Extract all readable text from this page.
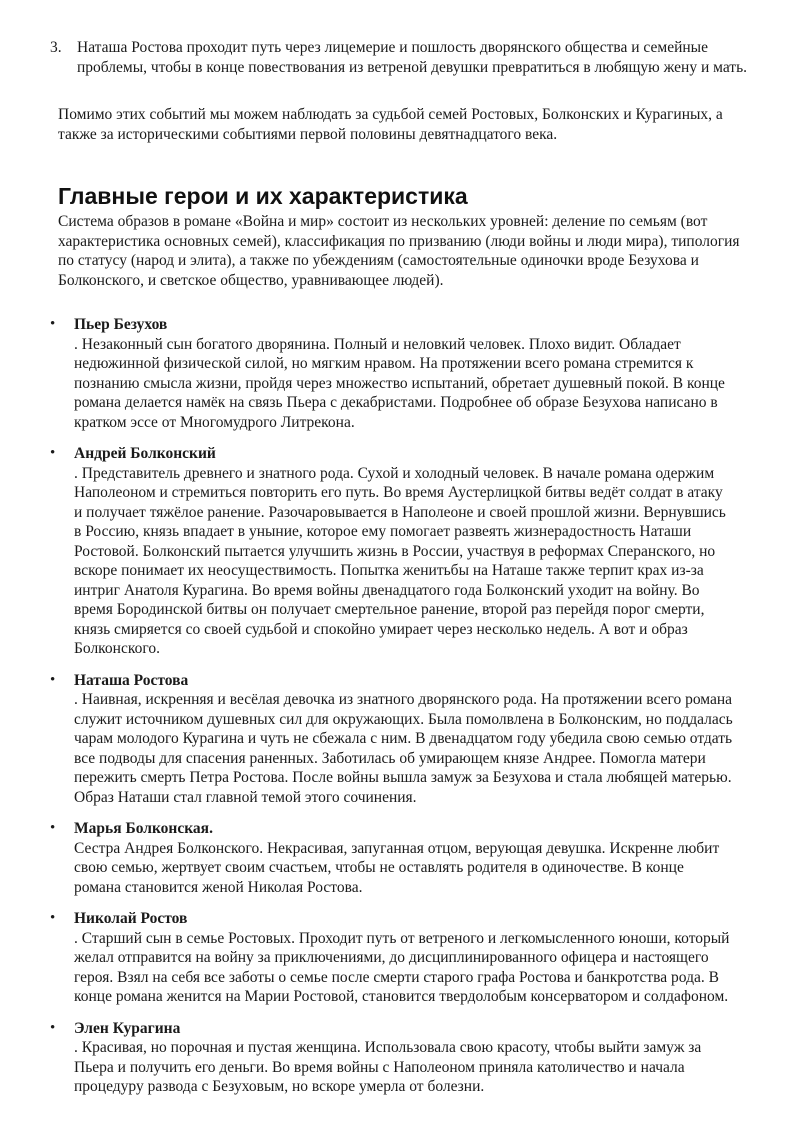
3. Наташа Ростова проходит путь через лицемерие и пошлость дворянского общества и семейные проблемы, чтобы в конце повествования из ветреной девушки превратиться в любящую жену и мать.

Помимо этих событий мы можем наблюдать за судьбой семей Ростовых, Болконских и Курагиных, а также за историческими событиями первой половины девятнадцатого века.

Главные герои и их характеристика

Система образов в романе «Война и мир» состоит из нескольких уровней: деление по семьям (вот характеристика основных семей), классификация по призванию (люди войны и люди мира), типология по статусу (народ и элита), а также по убеждениям (самостоятельные одиночки вроде Безухова и Болконского, и светское общество, уравнивающее людей).

• Пьер Безухов
. Незаконный сын богатого дворянина. Полный и неловкий человек. Плохо видит. Обладает недюжинной физической силой, но мягким нравом. На протяжении всего романа стремится к познанию смысла жизни, пройдя через множество испытаний, обретает душевный покой. В конце романа делается намёк на связь Пьера с декабристами. Подробнее об образе Безухова написано в кратком эссе от Многомудрого Литрекона.
• Андрей Болконский
. Представитель древнего и знатного рода. Сухой и холодный человек. В начале романа одержим Наполеоном и стремиться повторить его путь. Во время Аустерлицкой битвы ведёт солдат в атаку и получает тяжёлое ранение. Разочаровывается в Наполеоне и своей прошлой жизни. Вернувшись в Россию, князь впадает в уныние, которое ему помогает развеять жизнерадостность Наташи Ростовой. Болконский пытается улучшить жизнь в России, участвуя в реформах Сперанского, но вскоре понимает их неосуществимость. Попытка женитьбы на Наташе также терпит крах из-за интриг Анатоля Курагина. Во время войны двенадцатого года Болконский уходит на войну. Во время Бородинской битвы он получает смертельное ранение, второй раз перейдя порог смерти, князь смиряется со своей судьбой и спокойно умирает через несколько недель. А вот и образ Болконского.
• Наташа Ростова
. Наивная, искренняя и весёлая девочка из знатного дворянского рода. На протяжении всего романа служит источником душевных сил для окружающих. Была помолвлена в Болконским, но поддалась чарам молодого Курагина и чуть не сбежала с ним. В двенадцатом году убедила свою семью отдать все подводы для спасения раненных. Заботилась об умирающем князе Андрее. Помогла матери пережить смерть Петра Ростова. После войны вышла замуж за Безухова и стала любящей матерью. Образ Наташи стал главной темой этого сочинения.
• Марья Болконская.
Сестра Андрея Болконского. Некрасивая, запуганная отцом, верующая девушка. Искренне любит свою семью, жертвует своим счастьем, чтобы не оставлять родителя в одиночестве. В конце романа становится женой Николая Ростова.
• Николай Ростов
. Старший сын в семье Ростовых. Проходит путь от ветреного и легкомысленного юноши, который желал отправится на войну за приключениями, до дисциплинированного офицера и настоящего героя. Взял на себя все заботы о семье после смерти старого графа Ростова и банкротства рода. В конце романа женится на Марии Ростовой, становится твердолобым консерватором и солдафоном.
• Элен Курагина
. Красивая, но порочная и пустая женщина. Использовала свою красоту, чтобы выйти замуж за Пьера и получить его деньги. Во время войны с Наполеоном приняла католичество и начала процедуру развода с Безуховым, но вскоре умерла от болезни.
